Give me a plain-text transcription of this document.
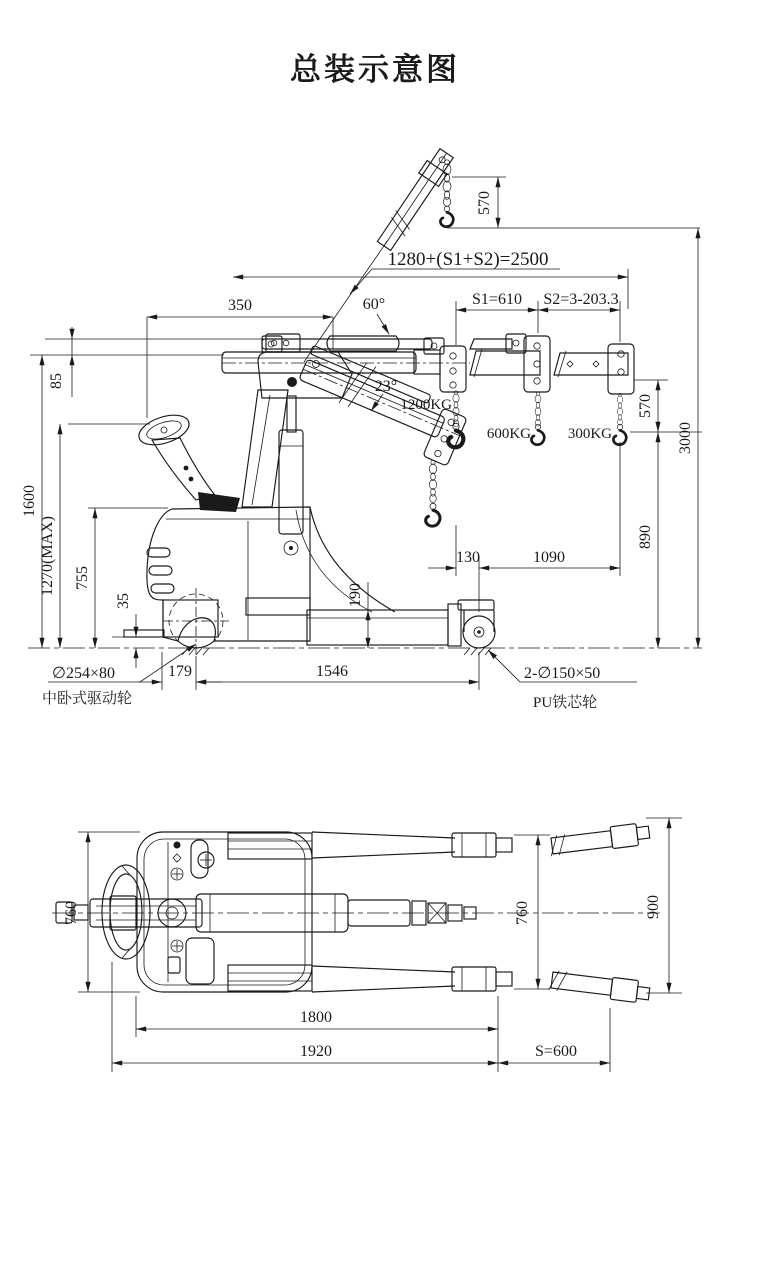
总装示意图
570
1280+(S1+S2)=2500
350	60°	S1=610 S2=3-203.3
23°
1200KG
600KG 300KG
570
890
3000
85
1600
1270(MAX) 755
35
130	1090
190
179	1546
∅254×80
中卧式驱动轮
2-∅150×50
PU铁芯轮
760	760	900
1800
1920	S=600
